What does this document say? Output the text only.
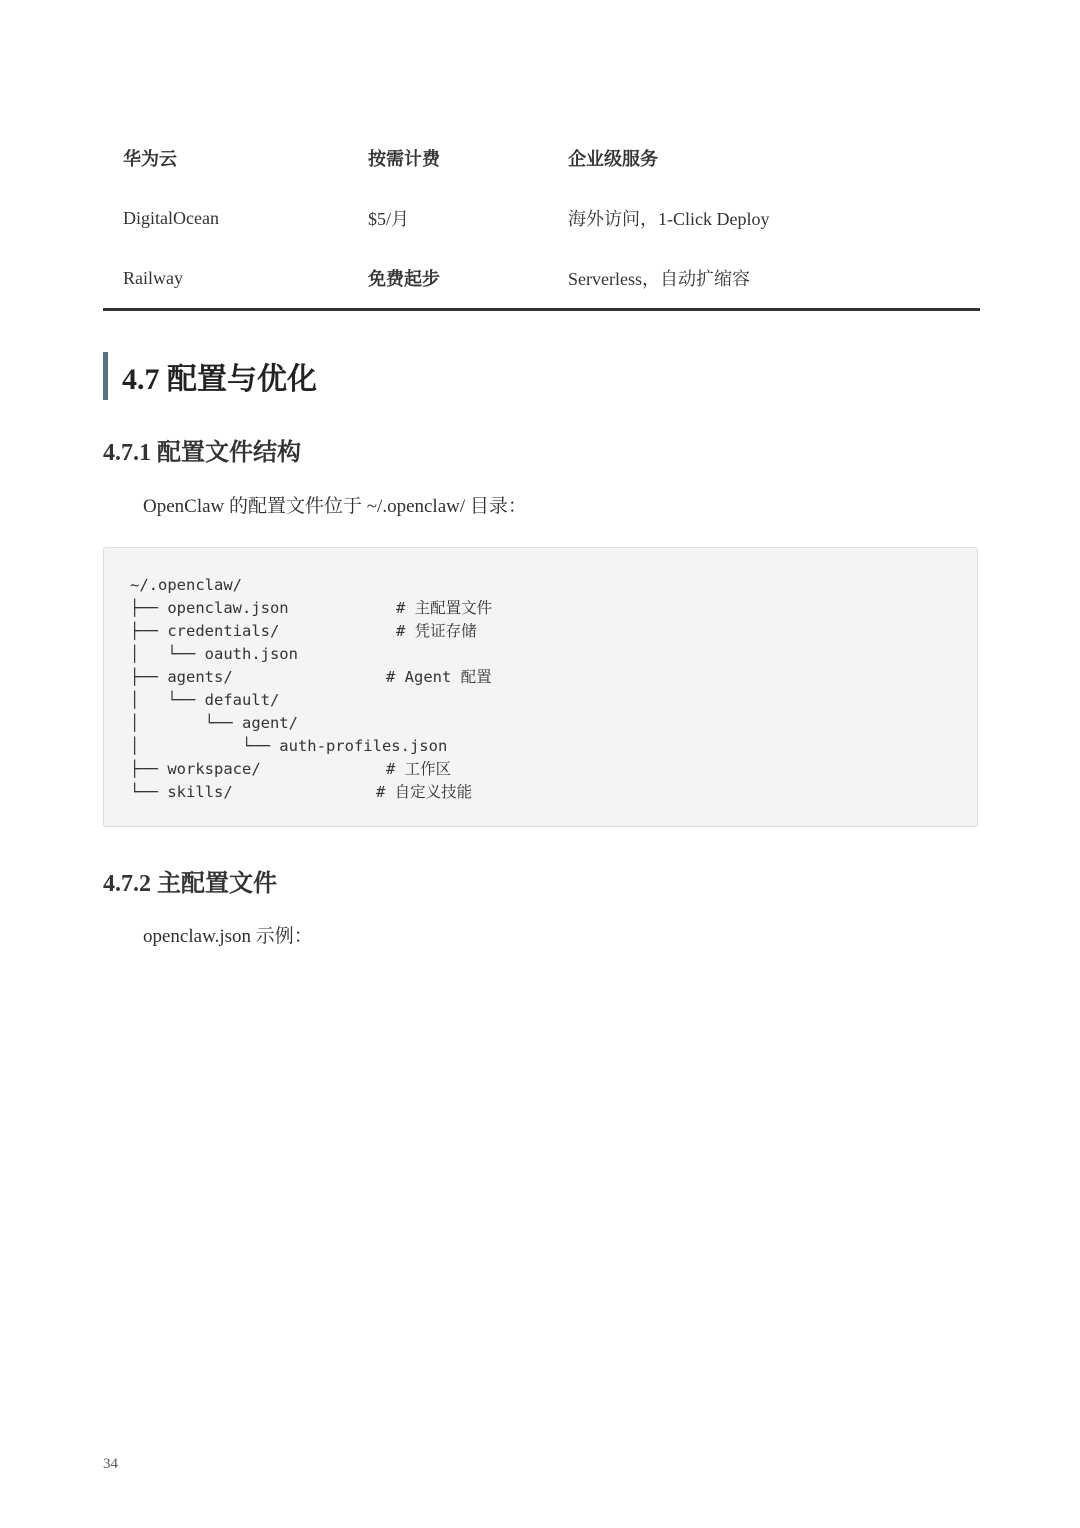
华为云	按需计费	企业级服务
DigitalOcean	$5/月	海外访问，1-Click Deploy
Railway	免费起步	Serverless，自动扩缩容
4.7 配置与优化
4.7.1 配置文件结构
OpenClaw 的配置文件位于 ~/.openclaw/ 目录：
~/.openclaw/
├── openclaw.json	# 主配置文件
├── credentials/	# 凭证存储
│   └── oauth.json
├── agents/	# Agent 配置
│   └── default/
│       └── agent/
│           └── auth-profiles.json
├── workspace/	# 工作区
└── skills/	# 自定义技能
4.7.2 主配置文件
openclaw.json 示例：
34
